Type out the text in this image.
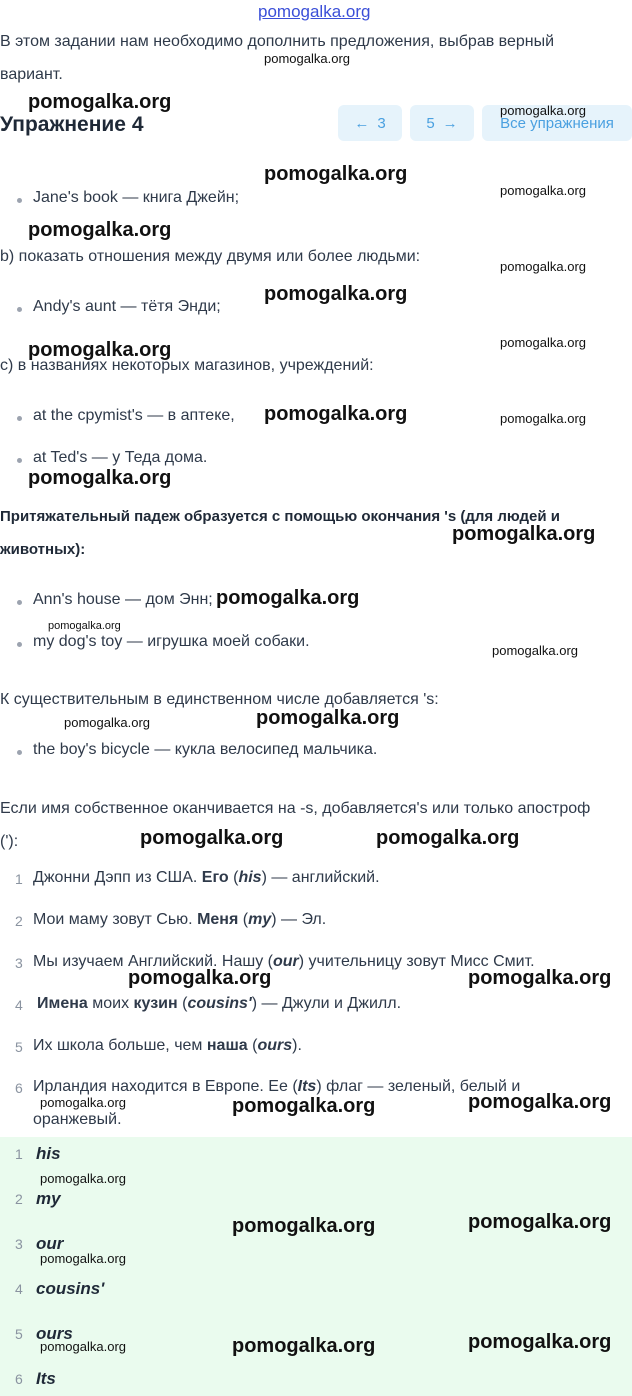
pomogalka.org
В этом задании нам необходимо дополнить предложения, выбрав верный
вариант.
Упражнение 4	← 3	5 →	Все упражнения
Jane's book — книга Джейн;
b) показать отношения между двумя или более людьми:
Andy's aunt — тётя Энди;
c) в названиях некоторых магазинов, учреждений:
at the срymist's — в аптеке,
at Ted's — у Теда дома.
Притяжательный падеж образуется с помощью окончания 's (для людей и
животных):
Ann's house — дом Энн;
my dog's toy — игрушка моей собаки.
К существительным в единственном числе добавляется 's:
the boy's bicycle — кукла велосипед мальчика.
Если имя собственное оканчивается на -s, добавляется's или только апостроф
('):
1 Джонни Дэпп из США. Его (his) — английский.
2 Мои маму зовут Сью. Меня (my) — Эл.
3 Мы изучаем Английский. Нашу (our) учительницу зовут Мисс Смит.
4 Имена моих кузин (cousins') — Джули и Джилл.
5 Их школа больше, чем наша (ours).
6 Ирландия находится в Европе. Ее (Its) флаг — зеленый, белый и
оранжевый.
1 his
2 my
3 our
4 cousins'
5 ours
6 Its
pomogalka.org
pomogalka.org	pomogalka.org
pomogalka.org
pomogalka.org
pomogalka.org
pomogalka.org
pomogalka.org
pomogalka.org
pomogalka.org
pomogalka.org	pomogalka.org
pomogalka.org
pomogalka.org
pomogalka.org
pomogalka.org
pomogalka.org
pomogalka.org
pomogalka.org
pomogalka.org	pomogalka.org
pomogalka.org	pomogalka.org
pomogalka.org	pomogalka.org	pomogalka.org
pomogalka.org
pomogalka.org	pomogalka.org
pomogalka.org
pomogalka.org	pomogalka.org	pomogalka.org
